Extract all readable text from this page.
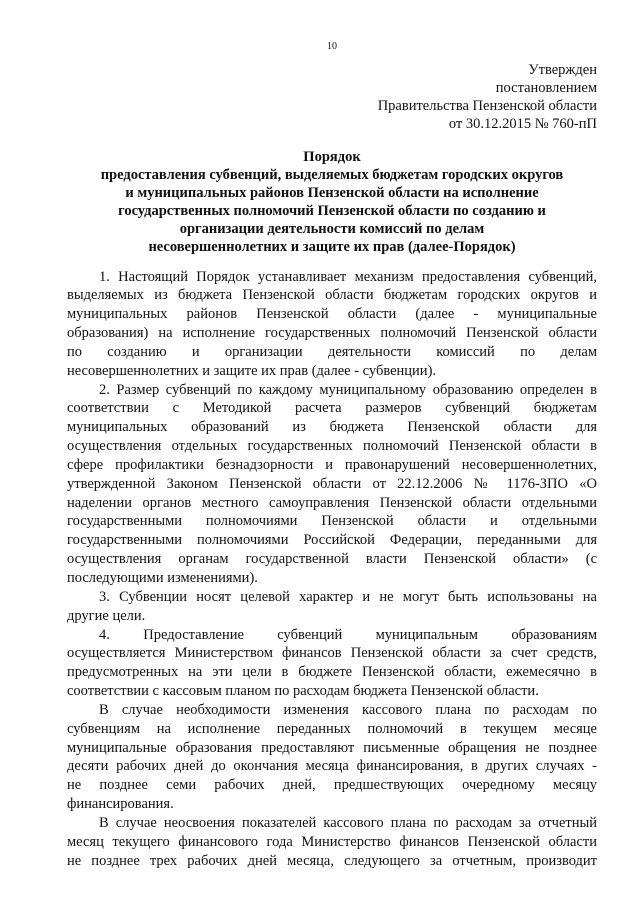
10
Утвержден
постановлением
Правительства Пензенской области
от 30.12.2015 № 760-пП
Порядок
предоставления субвенций, выделяемых бюджетам городских округов
и муниципальных районов Пензенской области на исполнение
государственных полномочий Пензенской области по созданию и
организации деятельности комиссий по делам
несовершеннолетних и защите их прав (далее-Порядок)
1. Настоящий Порядок устанавливает механизм предоставления субвенций,
выделяемых из бюджета Пензенской области бюджетам городских округов и
муниципальных районов Пензенской области (далее - муниципальные
образования) на исполнение государственных полномочий Пензенской области
по созданию и организации деятельности комиссий по делам
несовершеннолетних и защите их прав (далее - субвенции).
2. Размер субвенций по каждому муниципальному образованию определен в
соответствии с Методикой расчета размеров субвенций бюджетам
муниципальных образований из бюджета Пензенской области для
осуществления отдельных государственных полномочий Пензенской области в
сфере профилактики безнадзорности и правонарушений несовершеннолетних,
утвержденной Законом Пензенской области от 22.12.2006 № 1176-ЗПО «О
наделении органов местного самоуправления Пензенской области отдельными
государственными полномочиями Пензенской области и отдельными
государственными полномочиями Российской Федерации, переданными для
осуществления органам государственной власти Пензенской области» (с
последующими изменениями).
3. Субвенции носят целевой характер и не могут быть использованы на
другие цели.
4. Предоставление субвенций муниципальным образованиям
осуществляется Министерством финансов Пензенской области за счет средств,
предусмотренных на эти цели в бюджете Пензенской области, ежемесячно в
соответствии с кассовым планом по расходам бюджета Пензенской области.
В случае необходимости изменения кассового плана по расходам по
субвенциям на исполнение переданных полномочий в текущем месяце
муниципальные образования предоставляют письменные обращения не позднее
десяти рабочих дней до окончания месяца финансирования, в других случаях -
не позднее семи рабочих дней, предшествующих очередному месяцу
финансирования.
В случае неосвоения показателей кассового плана по расходам за отчетный
месяц текущего финансового года Министерство финансов Пензенской области
не позднее трех рабочих дней месяца, следующего за отчетным, производит
